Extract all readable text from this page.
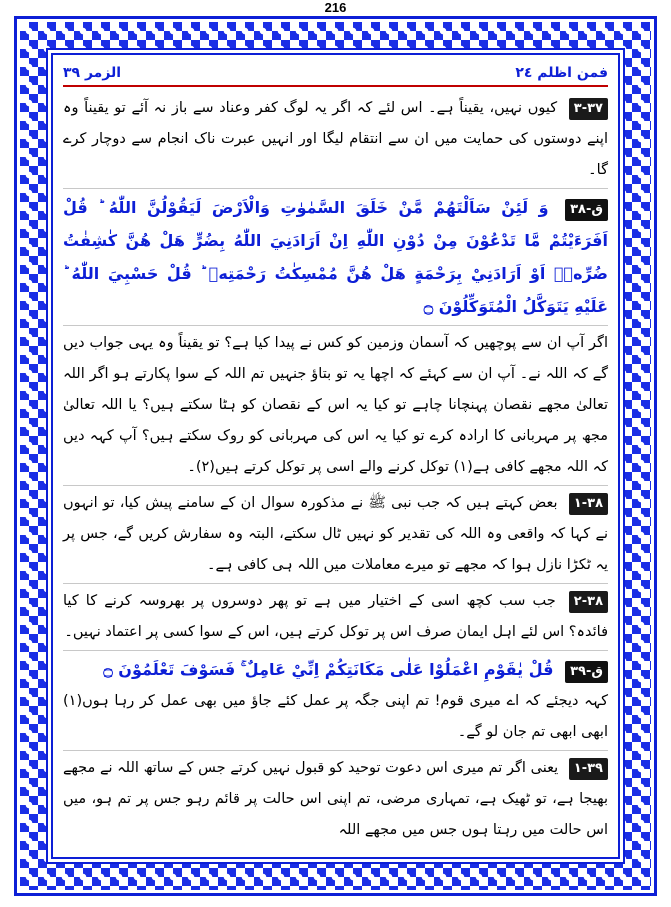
216
فمن اظلم ٢٤
الزمر ٣٩

٣٧-٣ کیوں نہیں، یقیناً ہے۔ اس لئے کہ اگر یہ لوگ کفر وعناد سے باز نہ آئے تو یقیناً وہ اپنے دوستوں کی حمایت میں ان سے انتقام لیگا اور انہیں عبرت ناک انجام سے دوچار کرے گا۔

ق-٣٨ وَ لَئِنْ سَاَلْتَهُمْ مَّنْ خَلَقَ السَّمٰوٰتِ وَالْاَرْضَ لَيَقُوْلُنَّ اللّٰهُ ؕ قُلْ اَفَرَءَيْتُمْ مَّا تَدْعُوْنَ مِنْ دُوْنِ اللّٰهِ اِنْ اَرَادَنِيَ اللّٰهُ بِضُرٍّ هَلْ هُنَّ كٰشِفٰتُ ضُرِّهٖۤ اَوْ اَرَادَنِيْ بِرَحْمَةٍ هَلْ هُنَّ مُمْسِكٰتُ رَحْمَتِهٖ ؕ قُلْ حَسْبِيَ اللّٰهُ ؕ عَلَيْهِ يَتَوَكَّلُ الْمُتَوَكِّلُوْنَ ۝

اگر آپ ان سے پوچھیں کہ آسمان وزمین کو کس نے پیدا کیا ہے؟ تو یقیناً وہ یہی جواب دیں گے کہ اللہ نے۔ آپ ان سے کہئے کہ اچھا یہ تو بتاؤ جنہیں تم اللہ کے سوا پکارتے ہو اگر اللہ تعالیٰ مجھے نقصان پہنچانا چاہے تو کیا یہ اس کے نقصان کو ہٹا سکتے ہیں؟ یا اللہ تعالیٰ مجھ پر مہربانی کا ارادہ کرے تو کیا یہ اس کی مہربانی کو روک سکتے ہیں؟ آپ کہہ دیں کہ اللہ مجھے کافی ہے(١) توکل کرنے والے اسی پر توکل کرتے ہیں(٢)۔

٣٨-١ بعض کہتے ہیں کہ جب نبی ﷺ نے مذکورہ سوال ان کے سامنے پیش کیا، تو انہوں نے کہا کہ واقعی وہ اللہ کی تقدیر کو نہیں ٹال سکتے، البتہ وہ سفارش کریں گے، جس پر یہ ٹکڑا نازل ہوا کہ مجھے تو میرے معاملات میں اللہ ہی کافی ہے۔

٣٨-٢ جب سب کچھ اسی کے اختیار میں ہے تو پھر دوسروں پر بھروسہ کرنے کا کیا فائدہ؟ اس لئے اہل ایمان صرف اس پر توکل کرتے ہیں، اس کے سوا کسی پر اعتماد نہیں۔

ق-٣٩ قُلْ يٰقَوْمِ اعْمَلُوْا عَلٰى مَكَانَتِكُمْ اِنِّيْ عَامِلٌ ۚ فَسَوْفَ تَعْلَمُوْنَ ۝

کہہ دیجئے کہ اے میری قوم! تم اپنی جگہ پر عمل کئے جاؤ میں بھی عمل کر رہا ہوں(١) ابھی ابھی تم جان لو گے۔

٣٩-١ یعنی اگر تم میری اس دعوت توحید کو قبول نہیں کرتے جس کے ساتھ اللہ نے مجھے بھیجا ہے، تو ٹھیک ہے، تمہاری مرضی، تم اپنی اس حالت پر قائم رہو جس پر تم ہو، میں اس حالت میں رہتا ہوں جس میں مجھے اللہ
